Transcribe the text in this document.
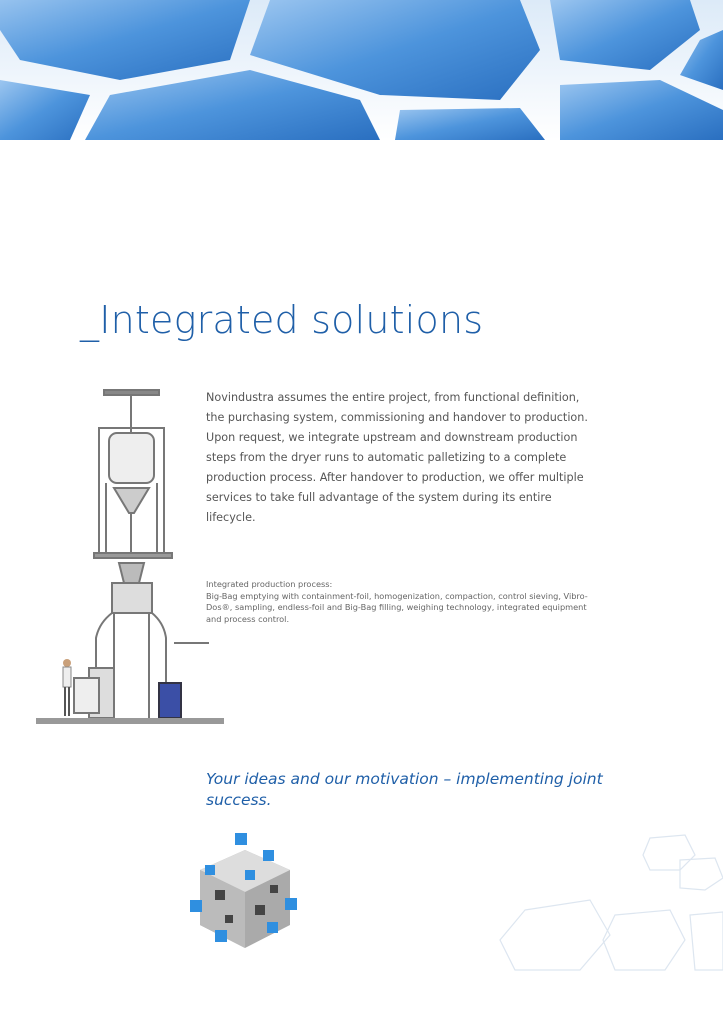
_Integrated solutions

Novindustra assumes the entire project, from functional definition, the purchasing system, commissioning and handover to production. Upon request, we integrate upstream and downstream production steps from the dryer runs to automatic palletizing to a complete production process. After handover to production, we offer multiple services to take full advantage of the system during its entire lifecycle.

Integrated production process:
Big-Bag emptying with containment-foil, homogenization, compaction, control sieving, Vibro-Dos®, sampling, endless-foil and Big-Bag filling, weighing technology, integrated equipment and process control.

Your ideas and our motivation – implementing joint success.
